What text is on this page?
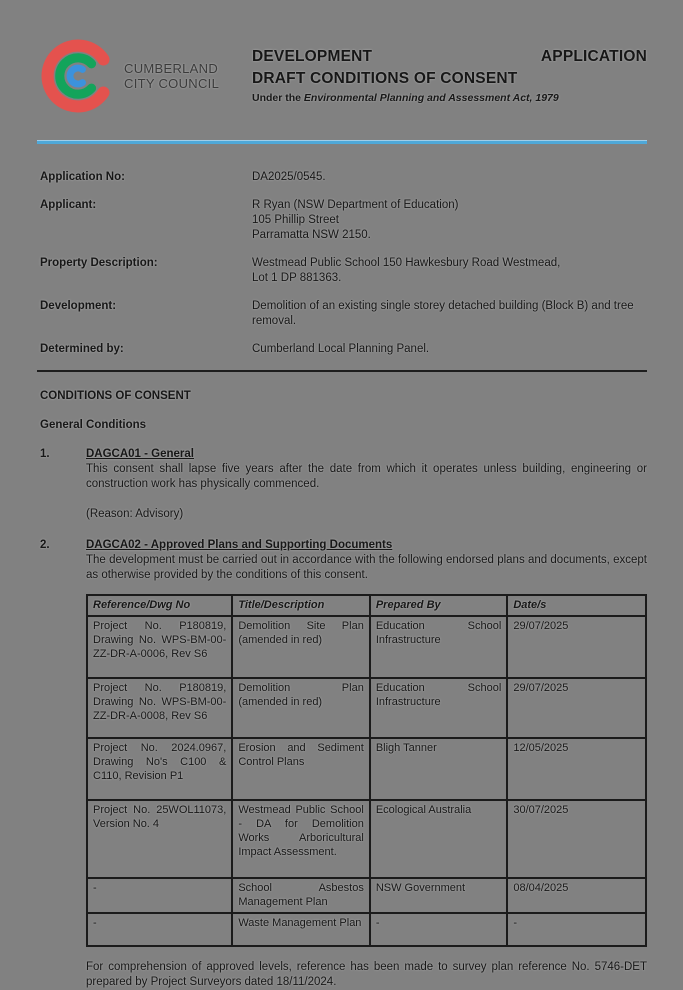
CUMBERLAND
CITY COUNCIL
DEVELOPMENT	APPLICATION
DRAFT CONDITIONS OF CONSENT
Under the Environmental Planning and Assessment Act, 1979
Application No:	DA2025/0545.
Applicant:	R Ryan (NSW Department of Education)
105 Phillip Street
Parramatta NSW 2150.
Property Description:	Westmead Public School 150 Hawkesbury Road Westmead,
Lot 1 DP 881363.
Development:	Demolition of an existing single storey detached building (Block B) and tree removal.
Determined by:	Cumberland Local Planning Panel.
CONDITIONS OF CONSENT
General Conditions
1.	DAGCA01 - General
This consent shall lapse five years after the date from which it operates unless building, engineering or construction work has physically commenced.
(Reason: Advisory)
2.	DAGCA02 - Approved Plans and Supporting Documents
The development must be carried out in accordance with the following endorsed plans and documents, except as otherwise provided by the conditions of this consent.
Reference/Dwg No	Title/Description	Prepared By	Date/s
Project No. P180819, Drawing No. WPS-BM-00-ZZ-DR-A-0006, Rev S6	Demolition Site Plan (amended in red)	Education School Infrastructure	29/07/2025
Project No. P180819, Drawing No. WPS-BM-00-ZZ-DR-A-0008, Rev S6	Demolition Plan (amended in red)	Education School Infrastructure	29/07/2025
Project No. 2024.0967, Drawing No's C100 & C110, Revision P1	Erosion and Sediment Control Plans	Bligh Tanner	12/05/2025
Project No. 25WOL11073, Version No. 4	Westmead Public School - DA for Demolition Works Arboricultural Impact Assessment.	Ecological Australia	30/07/2025
-	School Asbestos Management Plan	NSW Government	08/04/2025
-	Waste Management Plan	-	-
For comprehension of approved levels, reference has been made to survey plan reference No. 5746-DET prepared by Project Surveyors dated 18/11/2024.
